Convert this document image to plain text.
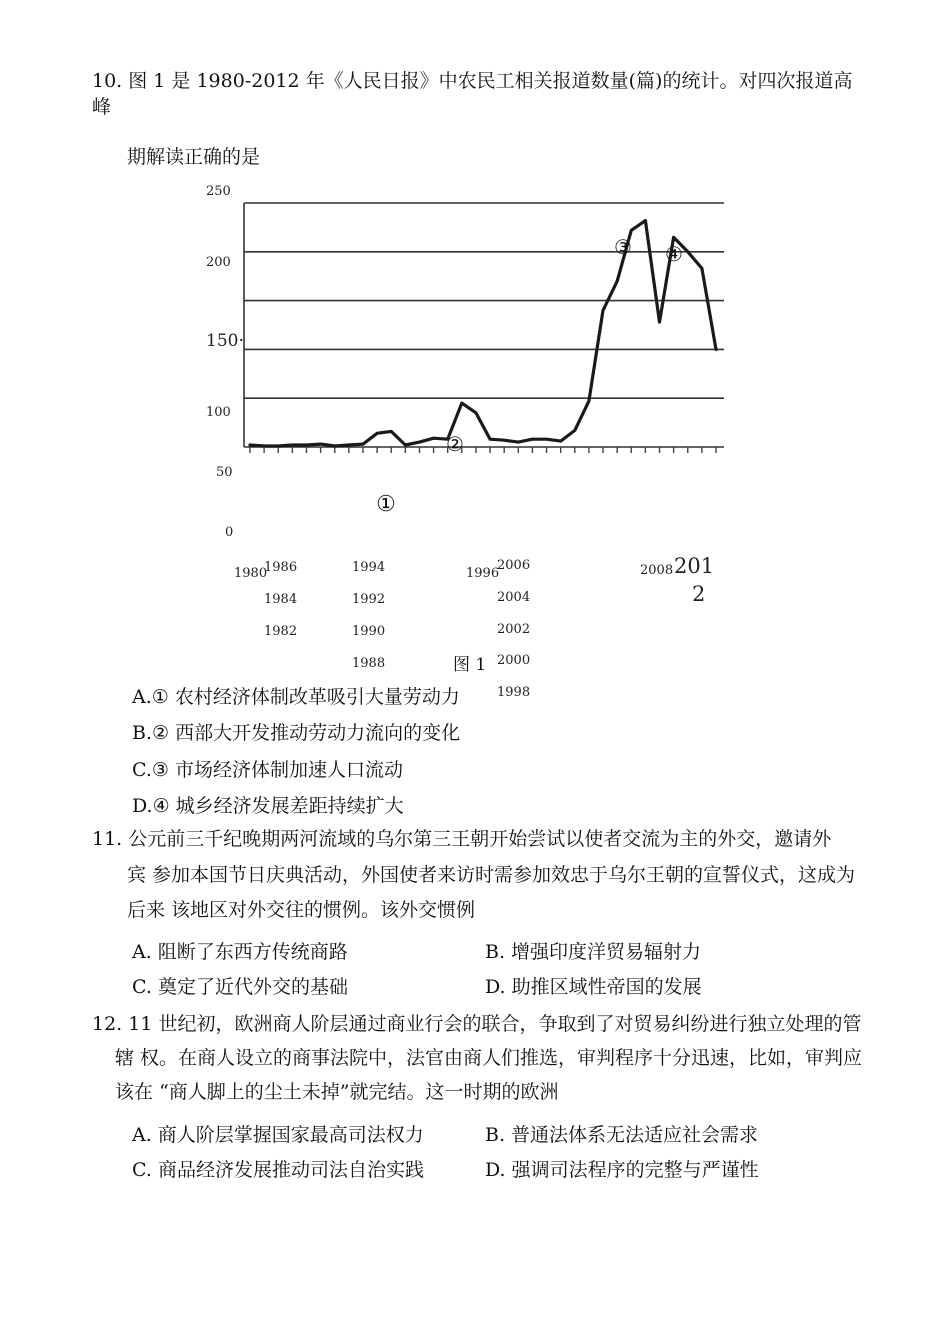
10. 图 1 是 1980-2012 年《人民日报》中农民工相关报道数量(篇)的统计。对四次报道高
峰
期解读正确的是
250
200
150·
100
50
0
①
②
③ ④
1980
1986	1994	1996
2006	2008 201
2
1984	1992	2004
1982	1990	2002
1988	2000
1998
图 1
A.① 农村经济体制改革吸引大量劳动力
B.② 西部大开发推动劳动力流向的变化
C.③ 市场经济体制加速人口流动
D.④ 城乡经济发展差距持续扩大
11. 公元前三千纪晚期两河流域的乌尔第三王朝开始尝试以使者交流为主的外交，邀请外
宾 参加本国节日庆典活动，外国使者来访时需参加效忠于乌尔王朝的宣誓仪式，这成为
后来 该地区对外交往的惯例。该外交惯例
A. 阻断了东西方传统商路	B. 增强印度洋贸易辐射力
C. 奠定了近代外交的基础	D. 助推区域性帝国的发展
12. 11 世纪初，欧洲商人阶层通过商业行会的联合，争取到了对贸易纠纷进行独立处理的管
辖 权。在商人设立的商事法院中，法官由商人们推选，审判程序十分迅速，比如，审判应
该在 “商人脚上的尘土未掉”就完结。这一时期的欧洲
A. 商人阶层掌握国家最高司法权力	B. 普通法体系无法适应社会需求
C. 商品经济发展推动司法自治实践	D. 强调司法程序的完整与严谨性
